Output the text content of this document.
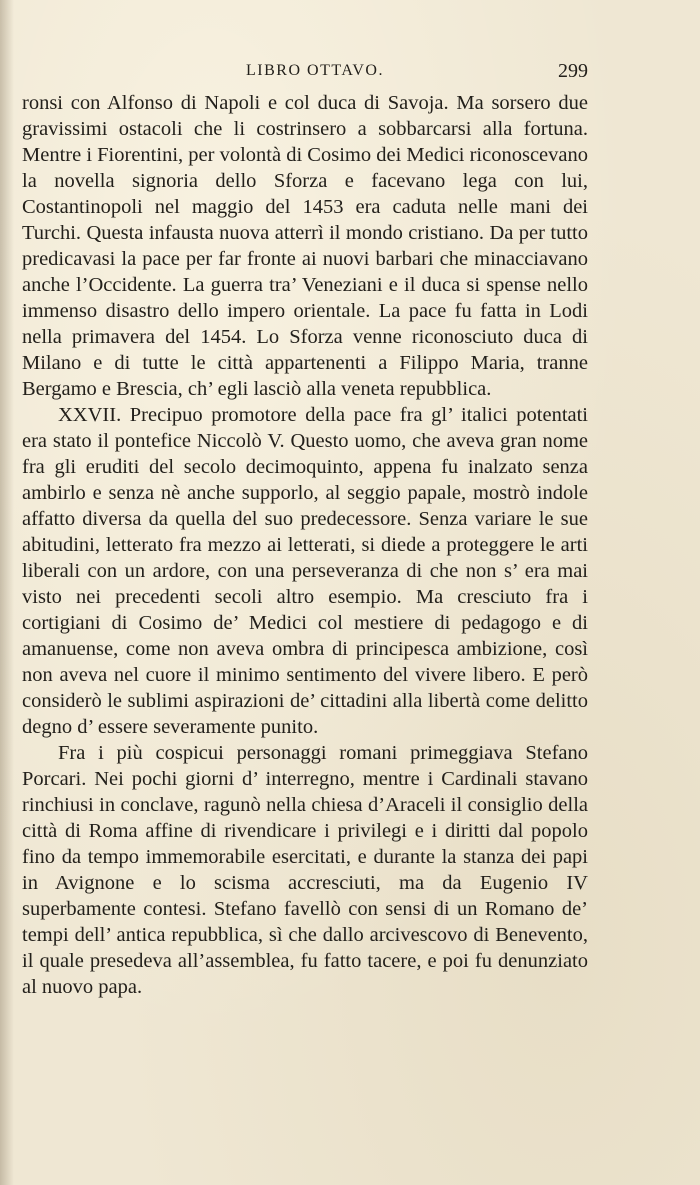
LIBRO OTTAVO.	299

ronsi con Alfonso di Napoli e col duca di Savoja. Ma sorsero due gravissimi ostacoli che li costrinsero a sobbarcarsi alla fortuna. Mentre i Fiorentini, per volontà di Cosimo dei Medici riconoscevano la novella signoria dello Sforza e facevano lega con lui, Costantinopoli nel maggio del 1453 era caduta nelle mani dei Turchi. Questa infausta nuova atterrì il mondo cristiano. Da per tutto predicavasi la pace per far fronte ai nuovi barbari che minacciavano anche l’Occidente. La guerra tra’ Veneziani e il duca si spense nello immenso disastro dello impero orientale. La pace fu fatta in Lodi nella primavera del 1454. Lo Sforza venne riconosciuto duca di Milano e di tutte le città appartenenti a Filippo Maria, tranne Bergamo e Brescia, ch’ egli lasciò alla veneta repubblica.

XXVII. Precipuo promotore della pace fra gl’ italici potentati era stato il pontefice Niccolò V. Questo uomo, che aveva gran nome fra gli eruditi del secolo decimoquinto, appena fu inalzato senza ambirlo e senza nè anche supporlo, al seggio papale, mostrò indole affatto diversa da quella del suo predecessore. Senza variare le sue abitudini, letterato fra mezzo ai letterati, si diede a proteggere le arti liberali con un ardore, con una perseveranza di che non s’ era mai visto nei precedenti secoli altro esempio. Ma cresciuto fra i cortigiani di Cosimo de’ Medici col mestiere di pedagogo e di amanuense, come non aveva ombra di principesca ambizione, così non aveva nel cuore il minimo sentimento del vivere libero. E però considerò le sublimi aspirazioni de’ cittadini alla libertà come delitto degno d’ essere severamente punito.

Fra i più cospicui personaggi romani primeggiava Stefano Porcari. Nei pochi giorni d’ interregno, mentre i Cardinali stavano rinchiusi in conclave, ragunò nella chiesa d’Araceli il consiglio della città di Roma affine di rivendicare i privilegi e i diritti dal popolo fino da tempo immemorabile esercitati, e durante la stanza dei papi in Avignone e lo scisma accresciuti, ma da Eugenio IV superbamente contesi. Stefano favellò con sensi di un Romano de’ tempi dell’ antica repubblica, sì che dallo arcivescovo di Benevento, il quale presedeva all’assemblea, fu fatto tacere, e poi fu denunziato al nuovo papa.
